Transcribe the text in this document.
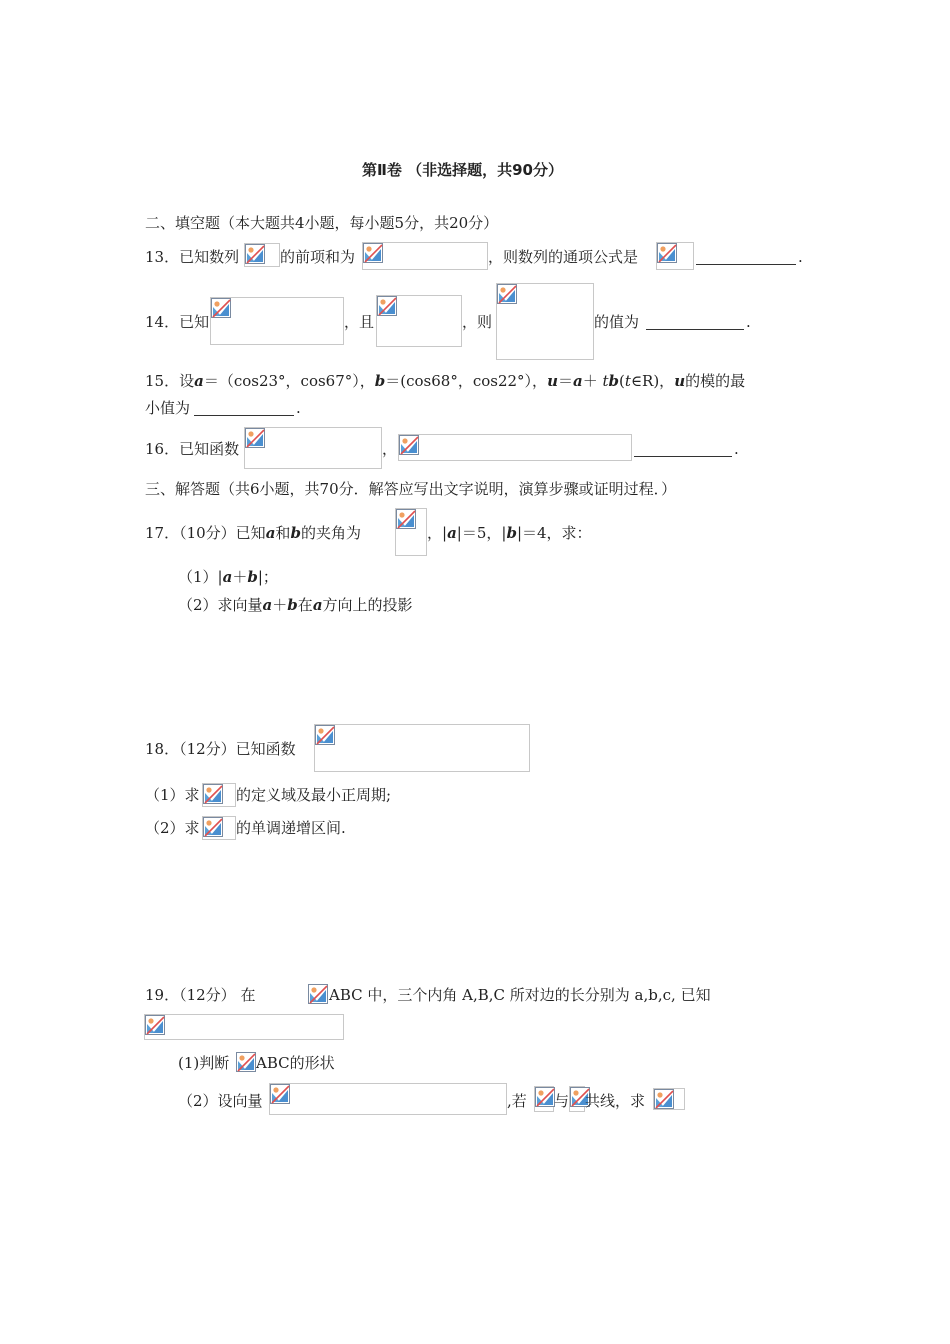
第Ⅱ卷 （非选择题，共90分）
二、填空题（本大题共4小题，每小题5分，共20分）
13．已知数列	的前项和为	，则数列的通项公式是	.
14．已知	，且	，则	的值为	.
15．设a＝（cos23°，cos67°），b＝(cos68°，cos22°），u＝a＋ tb(t∈R)，u的模的最
小值为	.
16．已知函数	，	.
三、解答题（共6小题，共70分．解答应写出文字说明，演算步骤或证明过程．）
17．（10分）已知a和b的夹角为	，|a|＝5，|b|＝4，求：
（1）|a＋b|；
（2）求向量a＋b在a方向上的投影
18．（12分）已知函数
（1）求 的定义域及最小正周期;
（2）求 的单调递增区间.
19．（12分） 在	ABC 中，三个内角 A,B,C 所对边的长分别为 a,b,c, 已知
(1)判断 ABC的形状
（2）设向量	,若 与 共线，求
